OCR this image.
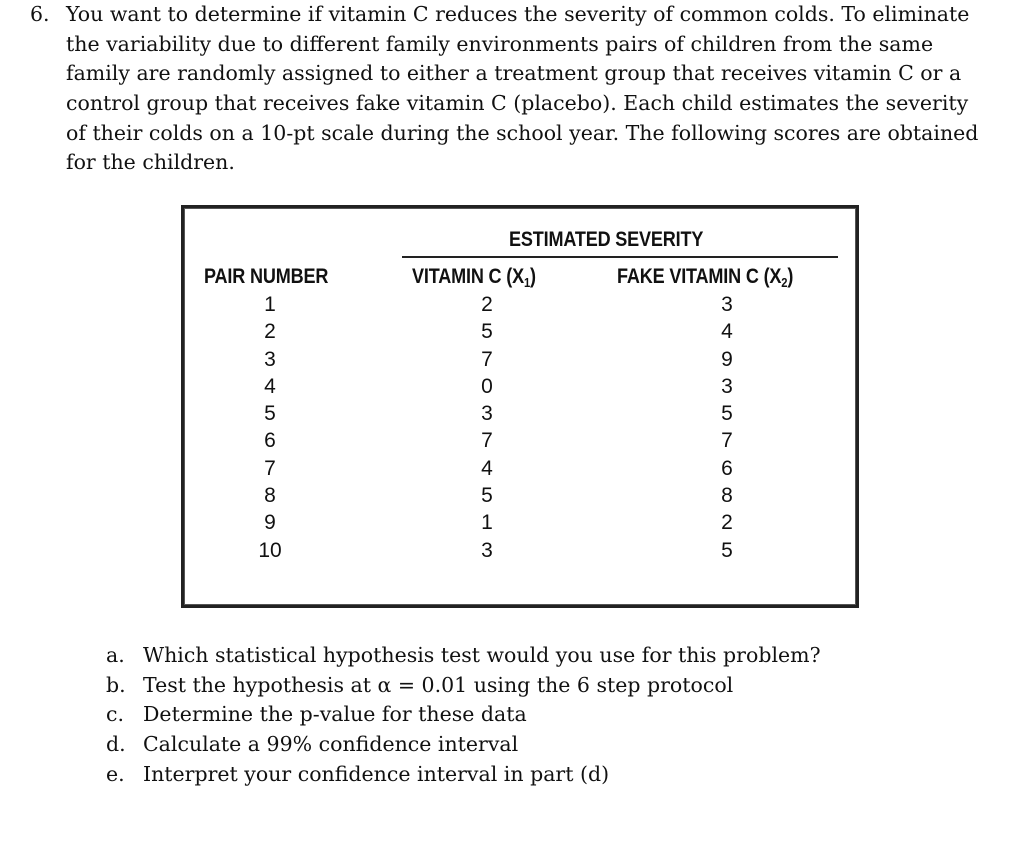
6. You want to determine if vitamin C reduces the severity of common colds. To eliminate
the variability due to different family environments pairs of children from the same
family are randomly assigned to either a treatment group that receives vitamin C or a
control group that receives fake vitamin C (placebo). Each child estimates the severity
of their colds on a 10-pt scale during the school year. The following scores are obtained
for the children.
ESTIMATED SEVERITY
PAIR NUMBER	VITAMIN C $(X_1)$	FAKE VITAMIN C $(X_2)$
1
2
3
4
5
6
7
8
9
10
2
5
7
0
3
7
4
5
1
3
3
4
9
3
5
7
6
8
2
5
a. Which statistical hypothesis test would you use for this problem?
b. Test the hypothesis at α = 0.01 using the 6 step protocol
c. Determine the p-value for these data
d. Calculate a 99% confidence interval
e. Interpret your confidence interval in part (d)
